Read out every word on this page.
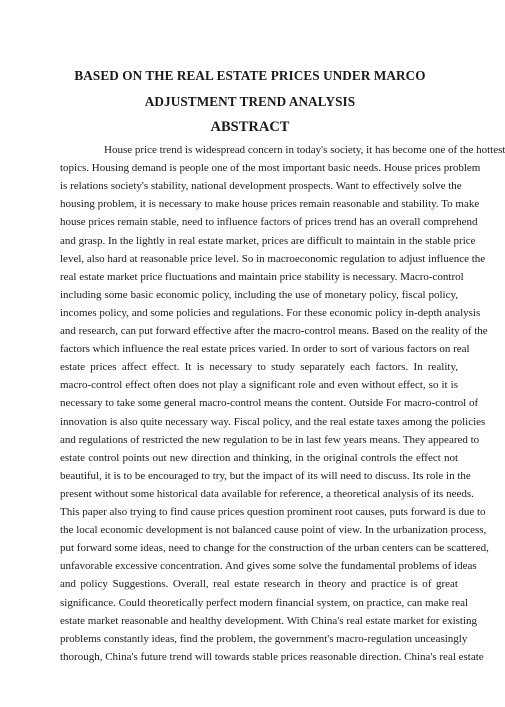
BASED ON THE REAL ESTATE PRICES UNDER MARCO
ADJUSTMENT TREND ANALYSIS
ABSTRACT
House price trend is widespread concern in today's society, it has become one of the hottest
topics. Housing demand is people one of the most important basic needs. House prices problem
is relations society's stability, national development prospects. Want to effectively solve the
housing problem, it is necessary to make house prices remain reasonable and stability. To make
house prices remain stable, need to influence factors of prices trend has an overall comprehend
and grasp. In the lightly in real estate market, prices are difficult to maintain in the stable price
level, also hard at reasonable price level. So in macroeconomic regulation to adjust influence the
real estate market price fluctuations and maintain price stability is necessary. Macro-control
including some basic economic policy, including the use of monetary policy, fiscal policy,
incomes policy, and some policies and regulations. For these economic policy in-depth analysis
and research, can put forward effective after the macro-control means. Based on the reality of the
factors which influence the real estate prices varied. In order to sort of various factors on real
estate prices affect effect. It is necessary to study separately each factors. In reality,
macro-control effect often does not play a significant role and even without effect, so it is
necessary to take some general macro-control means the content. Outside For macro-control of
innovation is also quite necessary way. Fiscal policy, and the real estate taxes among the policies
and regulations of restricted the new regulation to be in last few years means. They appeared to
estate control points out new direction and thinking, in the original controls the effect not
beautiful, it is to be encouraged to try, but the impact of its will need to discuss. Its role in the
present without some historical data available for reference, a theoretical analysis of its needs.
This paper also trying to find cause prices question prominent root causes, puts forward is due to
the local economic development is not balanced cause point of view. In the urbanization process,
put forward some ideas, need to change for the construction of the urban centers can be scattered,
unfavorable excessive concentration. And gives some solve the fundamental problems of ideas
and policy Suggestions. Overall, real estate research in theory and practice is of great
significance. Could theoretically perfect modern financial system, on practice, can make real
estate market reasonable and healthy development. With China's real estate market for existing
problems constantly ideas, find the problem, the government's macro-regulation unceasingly
thorough, China's future trend will towards stable prices reasonable direction. China's real estate
